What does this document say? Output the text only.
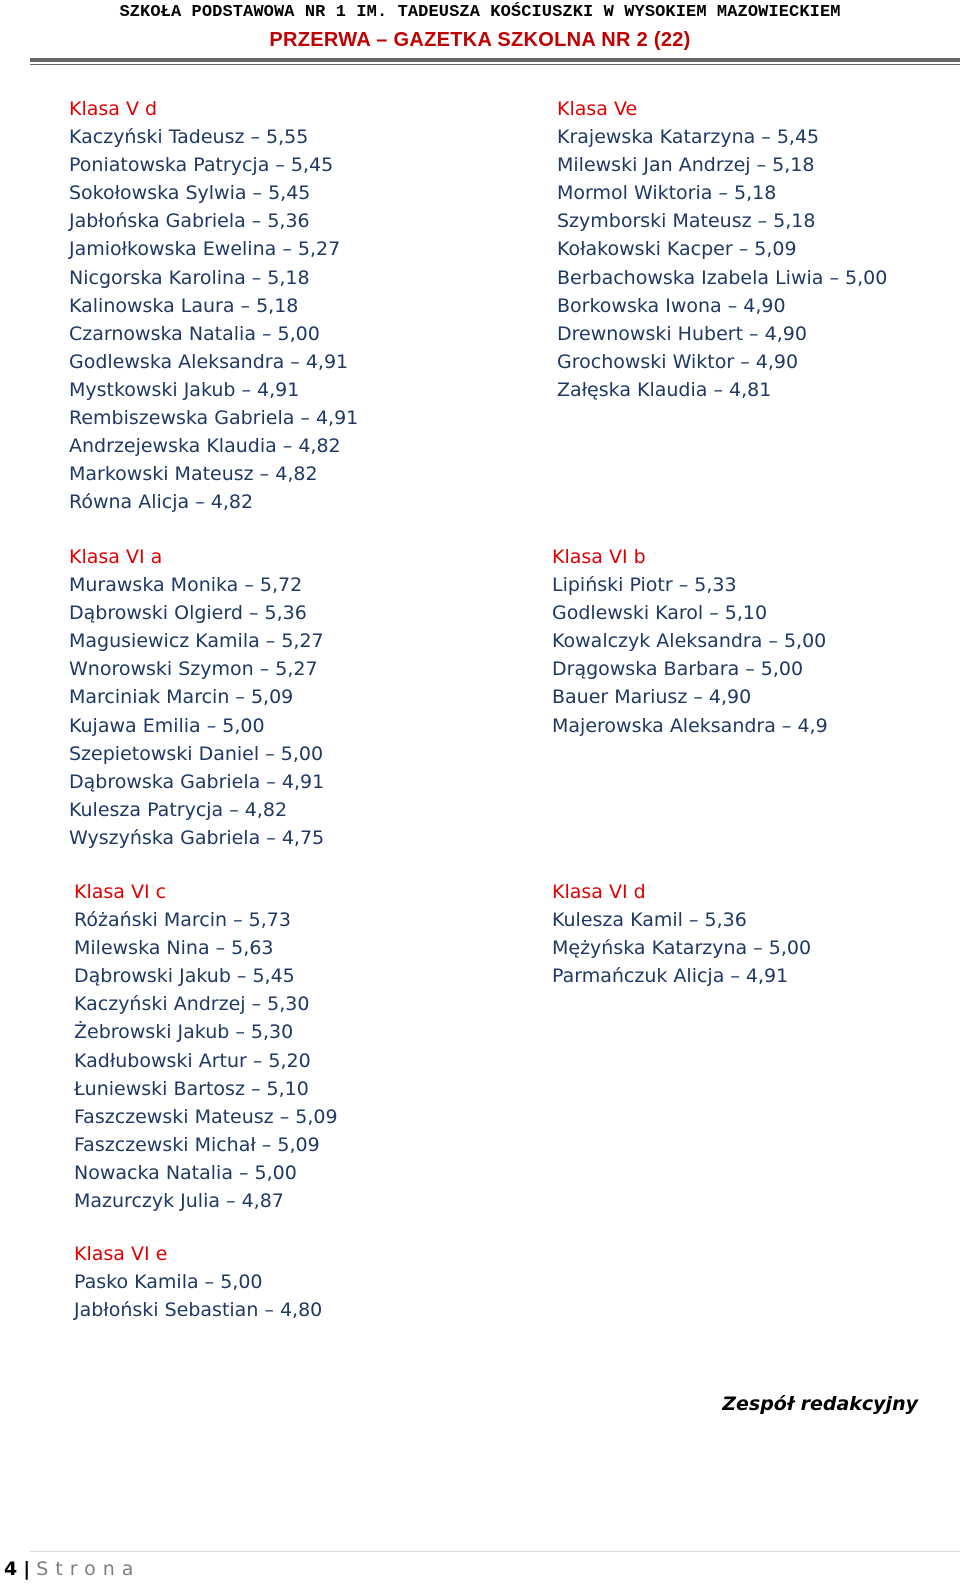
SZKOŁA PODSTAWOWA NR 1 IM. TADEUSZA KOŚCIUSZKI W WYSOKIEM MAZOWIECKIEM
PRZERWA – GAZETKA SZKOLNA NR 2 (22)
Klasa V d
Kaczyński Tadeusz – 5,55
Poniatowska Patrycja – 5,45
Sokołowska Sylwia – 5,45
Jabłońska Gabriela – 5,36
Jamiołkowska Ewelina – 5,27
Nicgorska Karolina – 5,18
Kalinowska Laura – 5,18
Czarnowska Natalia – 5,00
Godlewska Aleksandra – 4,91
Mystkowski Jakub – 4,91
Rembiszewska Gabriela – 4,91
Andrzejewska Klaudia – 4,82
Markowski Mateusz – 4,82
Równa Alicja – 4,82
Klasa Ve
Krajewska Katarzyna – 5,45
Milewski Jan Andrzej – 5,18
Mormol Wiktoria – 5,18
Szymborski Mateusz – 5,18
Kołakowski Kacper – 5,09
Berbachowska Izabela Liwia – 5,00
Borkowska Iwona – 4,90
Drewnowski Hubert – 4,90
Grochowski Wiktor – 4,90
Załęska Klaudia – 4,81
Klasa VI a
Murawska Monika – 5,72
Dąbrowski Olgierd – 5,36
Magusiewicz Kamila – 5,27
Wnorowski Szymon – 5,27
Marciniak Marcin – 5,09
Kujawa Emilia – 5,00
Szepietowski Daniel – 5,00
Dąbrowska Gabriela – 4,91
Kulesza Patrycja – 4,82
Wyszyńska Gabriela – 4,75
Klasa VI b
Lipiński Piotr – 5,33
Godlewski Karol – 5,10
Kowalczyk Aleksandra – 5,00
Drągowska Barbara – 5,00
Bauer Mariusz – 4,90
Majerowska Aleksandra – 4,9
Klasa VI c
Różański Marcin – 5,73
Milewska Nina – 5,63
Dąbrowski Jakub – 5,45
Kaczyński Andrzej – 5,30
Żebrowski Jakub – 5,30
Kadłubowski Artur – 5,20
Łuniewski Bartosz – 5,10
Faszczewski Mateusz – 5,09
Faszczewski Michał – 5,09
Nowacka Natalia – 5,00
Mazurczyk Julia – 4,87
Klasa VI d
Kulesza Kamil – 5,36
Mężyńska Katarzyna – 5,00
Parmańczuk Alicja – 4,91
Klasa VI e
Pasko Kamila – 5,00
Jabłoński Sebastian – 4,80
Zespół redakcyjny
4 | Strona
